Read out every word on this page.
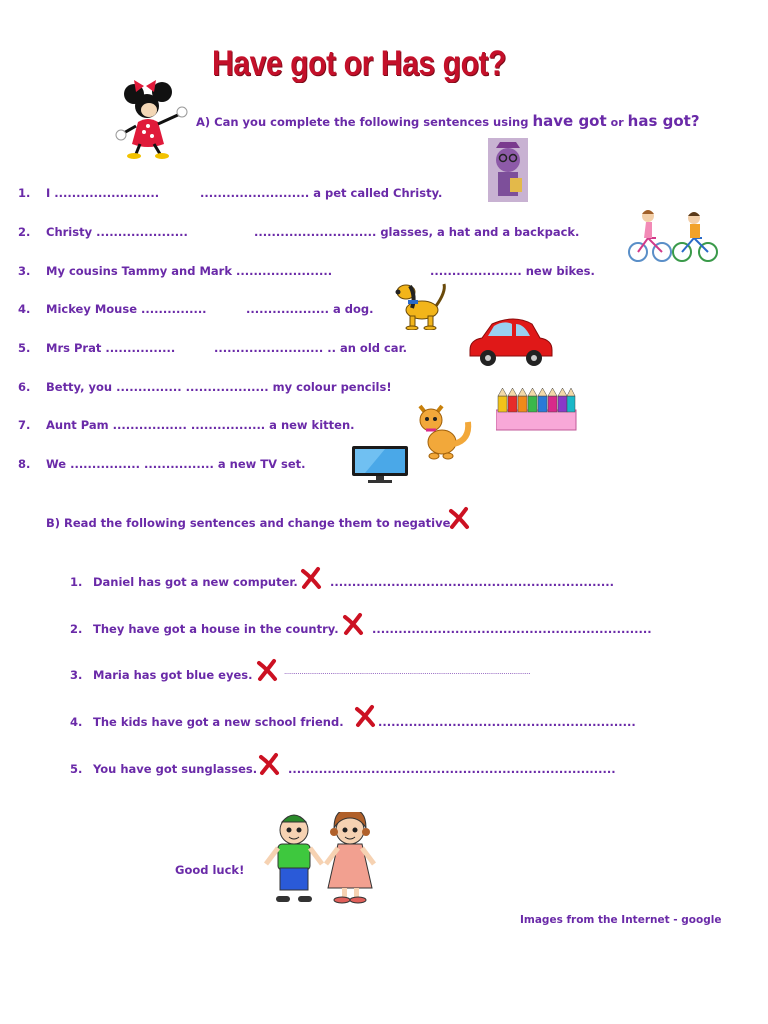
Have got or Has got?
A) Can you complete the following sentences using have got or has got?
1. I ........................	......................... a pet called Christy.
2. Christy .....................	............................ glasses, a hat and a backpack.
3. My cousins Tammy and Mark ......................	..................... new bikes.
4. Mickey Mouse ...............	................... a dog.
5. Mrs Prat ................	......................... .. an old car.
6. Betty, you ............... ................... my colour pencils!
7. Aunt Pam ................. ................. a new kitten.
8. We ................ ................ a new TV set.
B) Read the following sentences and change them to negative.
1. Daniel has got a new computer.	.................................................................
2. They have got a house in the country.	................................................................
3. Maria has got blue eyes.	................................................................................................................................
4. The kids have got a new school friend.	...........................................................
5. You have got sunglasses.	...........................................................................
Good luck!
Images from the Internet - google
